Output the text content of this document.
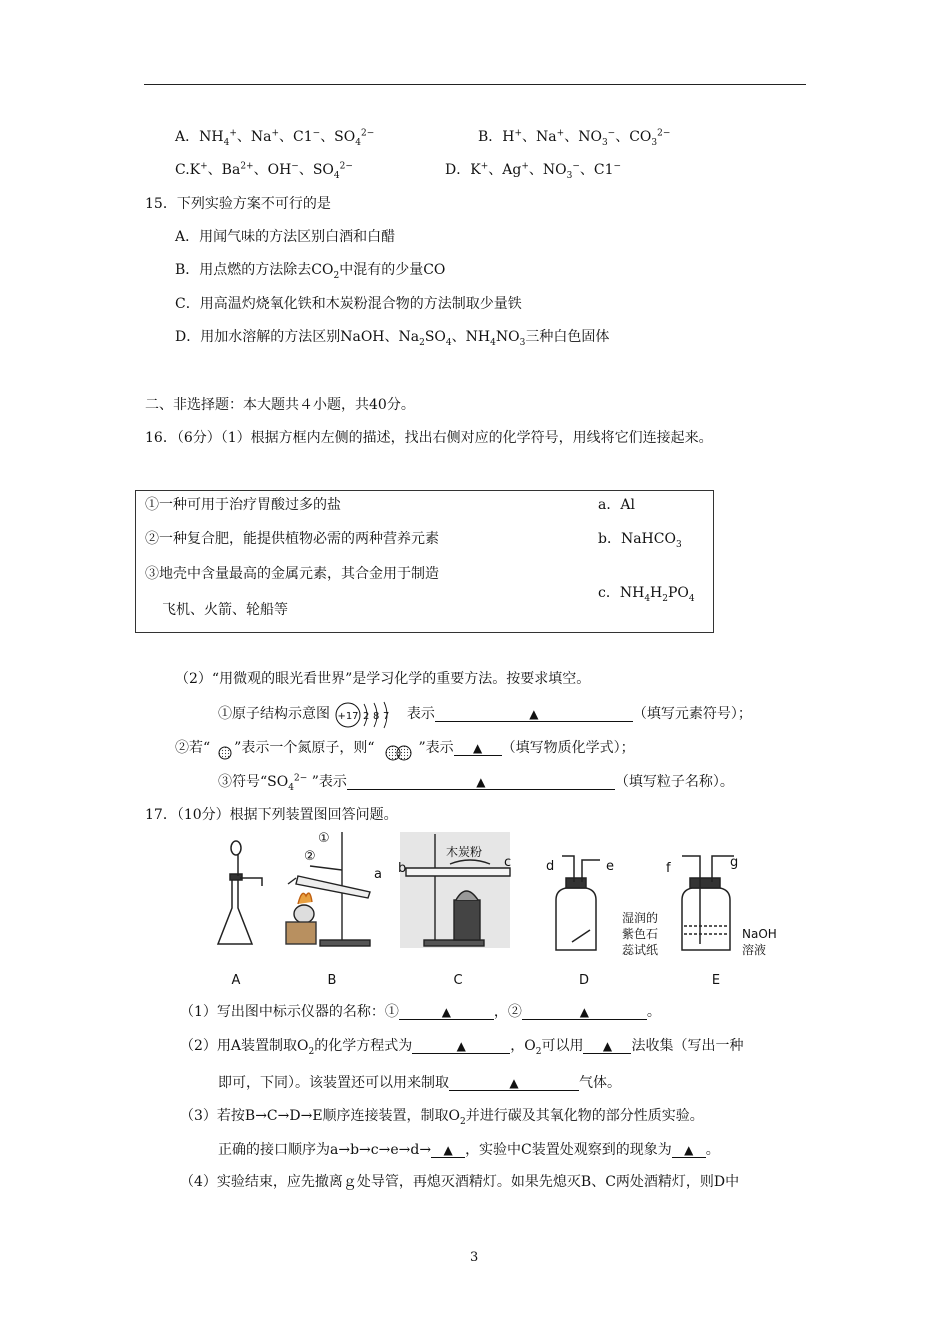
A．$NH_4^+$、Na+、C1−、$SO_4^{2-}$	B．H+、Na+、$NO_3^-$、$CO_3^{2-}$
C.K+、$Ba^{2+}$、OH−、$SO_4^{2-}$	D．K+、Ag+、$NO_3^-$、C1−
15．下列实验方案不可行的是
A．用闻气味的方法区别白酒和白醋
B．用点燃的方法除去$CO_2$中混有的少量CO
C．用高温灼烧氧化铁和木炭粉混合物的方法制取少量铁
D．用加水溶解的方法区别NaOH、$Na_2SO_4$、$NH_4NO_3$三种白色固体
二、非选择题：本大题共４小题，共40分。
16．（6分）（1）根据方框内左侧的描述，找出右侧对应的化学符号，用线将它们连接起来。
①一种可用于治疗胃酸过多的盐
②一种复合肥，能提供植物必需的两种营养元素
③地壳中含量最高的金属元素，其合金用于制造
飞机、火箭、轮船等
a．Al
b．NaHCO$_3$
c．$NH_4H_2PO_4$
（2）“用微观的眼光看世界”是学习化学的重要方法。按要求填空。
①原子结构示意图 +17 2 8 7 表示	▲	（填写元素符号）；
②若“ ”表示一个氮原子，则“	”表示 ▲ （填写物质化学式）；
③符号“$SO_4^{2-}$ ”表示	▲	（填写粒子名称）。
17．（10分）根据下列装置图回答问题。
①
②
a b	c
木炭粉
d	e	f	g
湿润的
紫色石
蕊试纸
NaOH
溶液
A	B	C	D	E
（1）写出图中标示仪器的名称：①	▲	，②	▲	。
（2）用A装置制取$O_2$的化学方程式为	▲	，$O_2$可以用 ▲ 法收集（写出一种
即可，下同）。该装置还可以用来制取	▲	气体。
（3）若按B→C→D→E顺序连接装置，制取$O_2$并进行碳及其氧化物的部分性质实验。
正确的接口顺序为a→b→c→e→d→ ▲ ，实验中C装置处观察到的现象为 ▲ 。
（4）实验结束，应先撤离ｇ处导管，再熄灭酒精灯。如果先熄灭B、C两处酒精灯，则D中
3
